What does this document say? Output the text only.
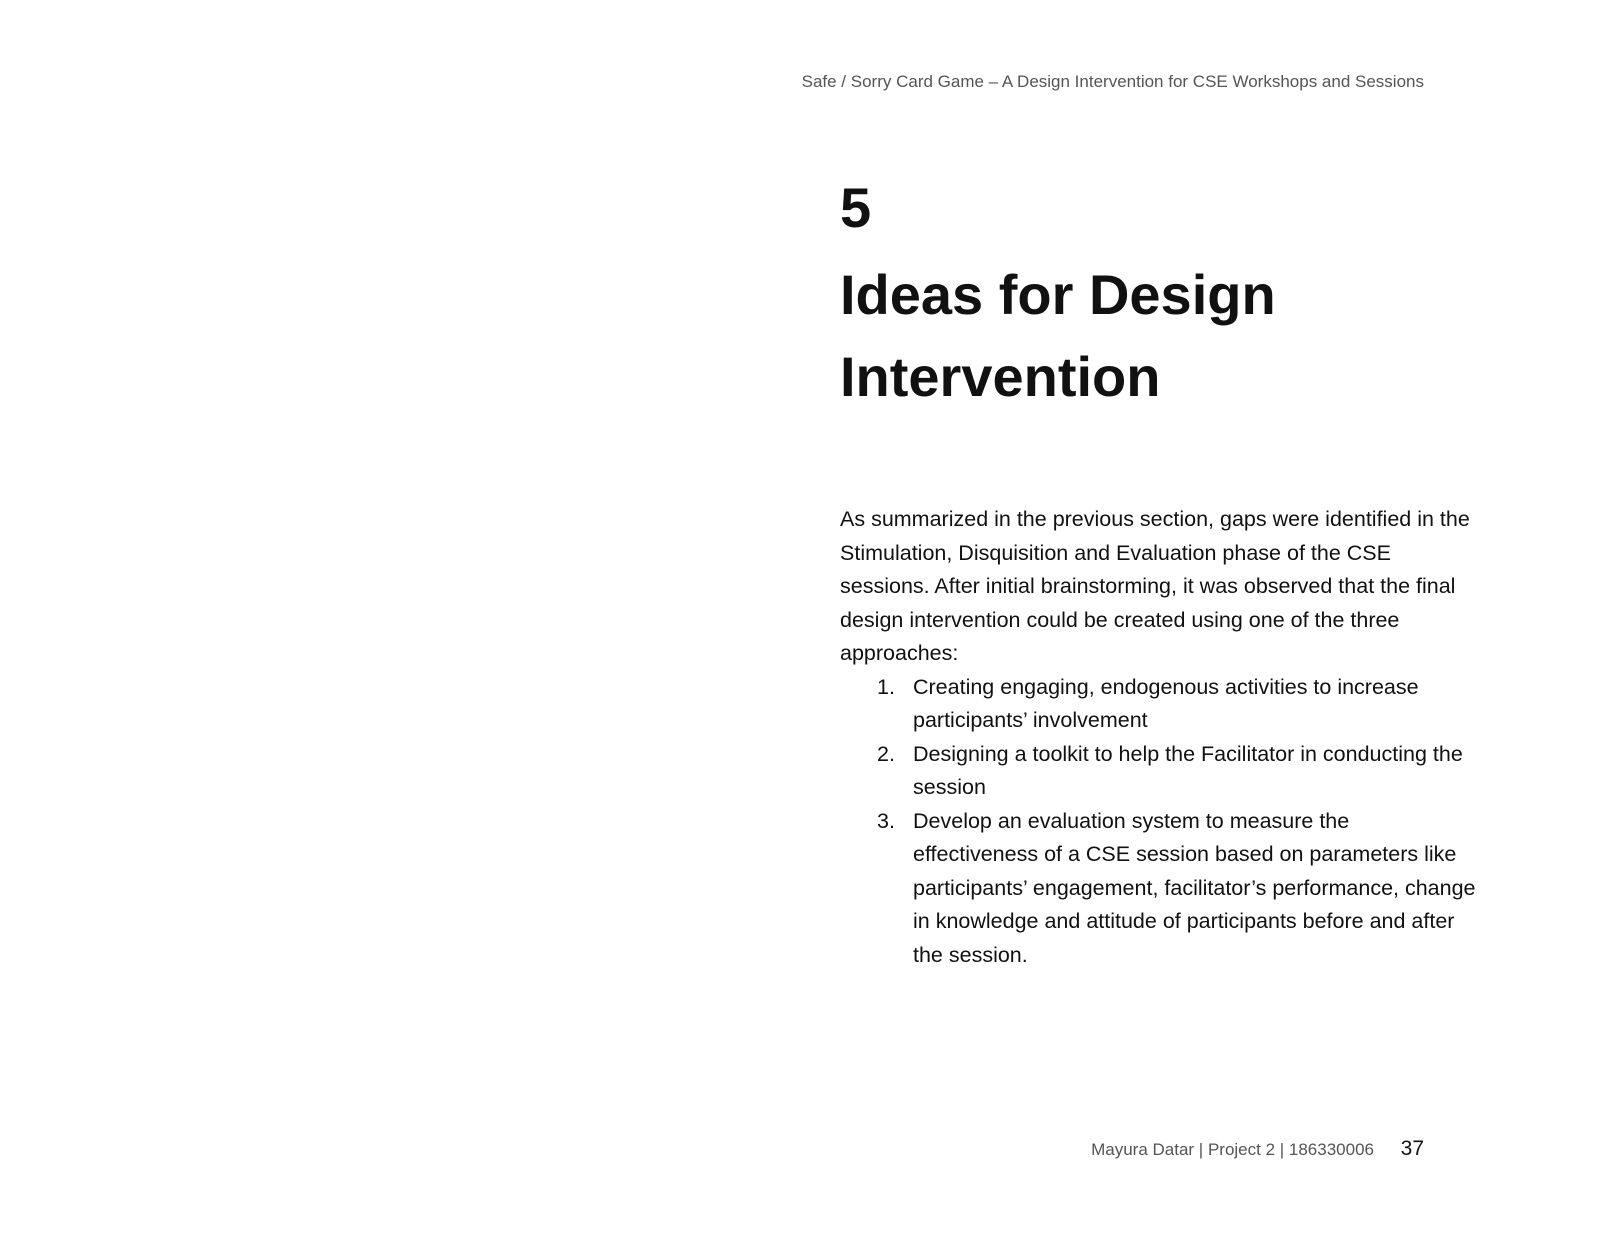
Safe / Sorry Card Game – A Design Intervention for CSE Workshops and Sessions
5
Ideas for Design Intervention

As summarized in the previous section, gaps were identified in the Stimulation, Disquisition and Evaluation phase of the CSE sessions. After initial brainstorming, it was observed that the final design intervention could be created using one of the three approaches:

1. Creating engaging, endogenous activities to increase participants’ involvement
2. Designing a toolkit to help the Facilitator in conducting the session
3. Develop an evaluation system to measure the effectiveness of a CSE session based on parameters like participants’ engagement, facilitator’s performance, change in knowledge and attitude of participants before and after the session.
Mayura Datar | Project 2 | 186330006 37
